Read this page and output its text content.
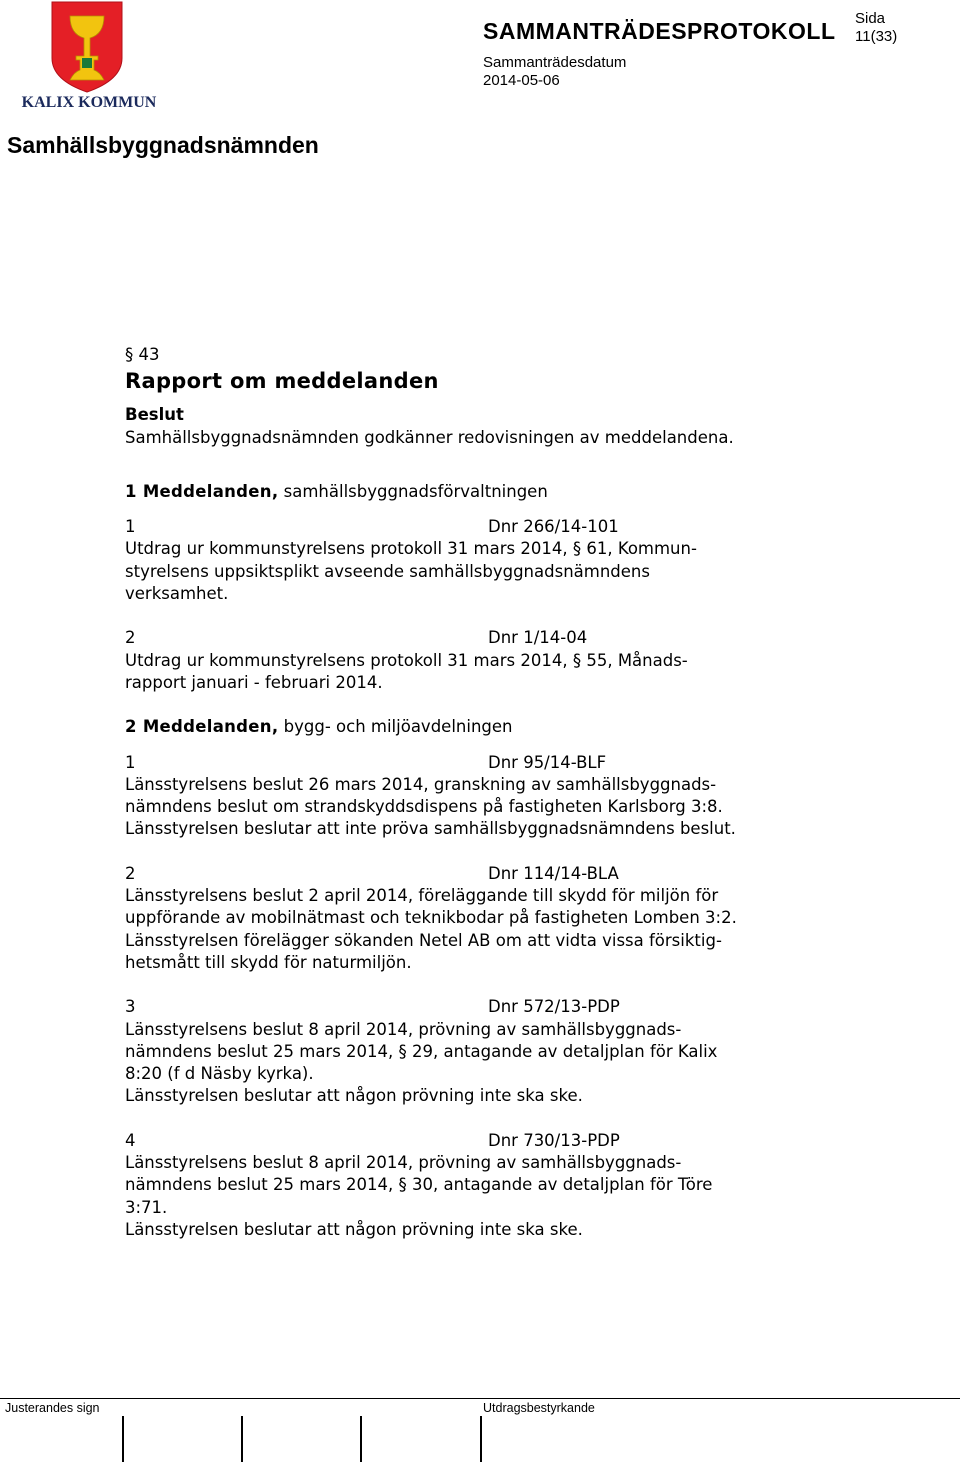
KALIX KOMMUN
SAMMANTRÄDESPROTOKOLL Sida
11(33)
Sammanträdesdatum
2014-05-06
Samhällsbyggnadsnämnden

§ 43

Rapport om meddelanden

Beslut

Samhällsbyggnadsnämnden godkänner redovisningen av meddelandena.

1 Meddelanden, samhällsbyggnadsförvaltningen

1	Dnr 266/14-101

Utdrag ur kommunstyrelsens protokoll 31 mars 2014, § 61, Kommun-

styrelsens uppsiktsplikt avseende samhällsbyggnadsnämndens

verksamhet.

2	Dnr 1/14-04

Utdrag ur kommunstyrelsens protokoll 31 mars 2014, § 55, Månads-

rapport januari - februari 2014.

2 Meddelanden, bygg- och miljöavdelningen

1	Dnr 95/14-BLF

Länsstyrelsens beslut 26 mars 2014, granskning av samhällsbyggnads-

nämndens beslut om strandskyddsdispens på fastigheten Karlsborg 3:8.

Länsstyrelsen beslutar att inte pröva samhällsbyggnadsnämndens beslut.

2	Dnr 114/14-BLA

Länsstyrelsens beslut 2 april 2014, föreläggande till skydd för miljön för

uppförande av mobilnätmast och teknikbodar på fastigheten Lomben 3:2.

Länsstyrelsen förelägger sökanden Netel AB om att vidta vissa försiktig-

hetsmått till skydd för naturmiljön.

3	Dnr 572/13-PDP

Länsstyrelsens beslut 8 april 2014, prövning av samhällsbyggnads-

nämndens beslut 25 mars 2014, § 29, antagande av detaljplan för Kalix

8:20 (f d Näsby kyrka).

Länsstyrelsen beslutar att någon prövning inte ska ske.

4	Dnr 730/13-PDP

Länsstyrelsens beslut 8 april 2014, prövning av samhällsbyggnads-

nämndens beslut 25 mars 2014, § 30, antagande av detaljplan för Töre

3:71.

Länsstyrelsen beslutar att någon prövning inte ska ske.

Justerandes sign	Utdragsbestyrkande
